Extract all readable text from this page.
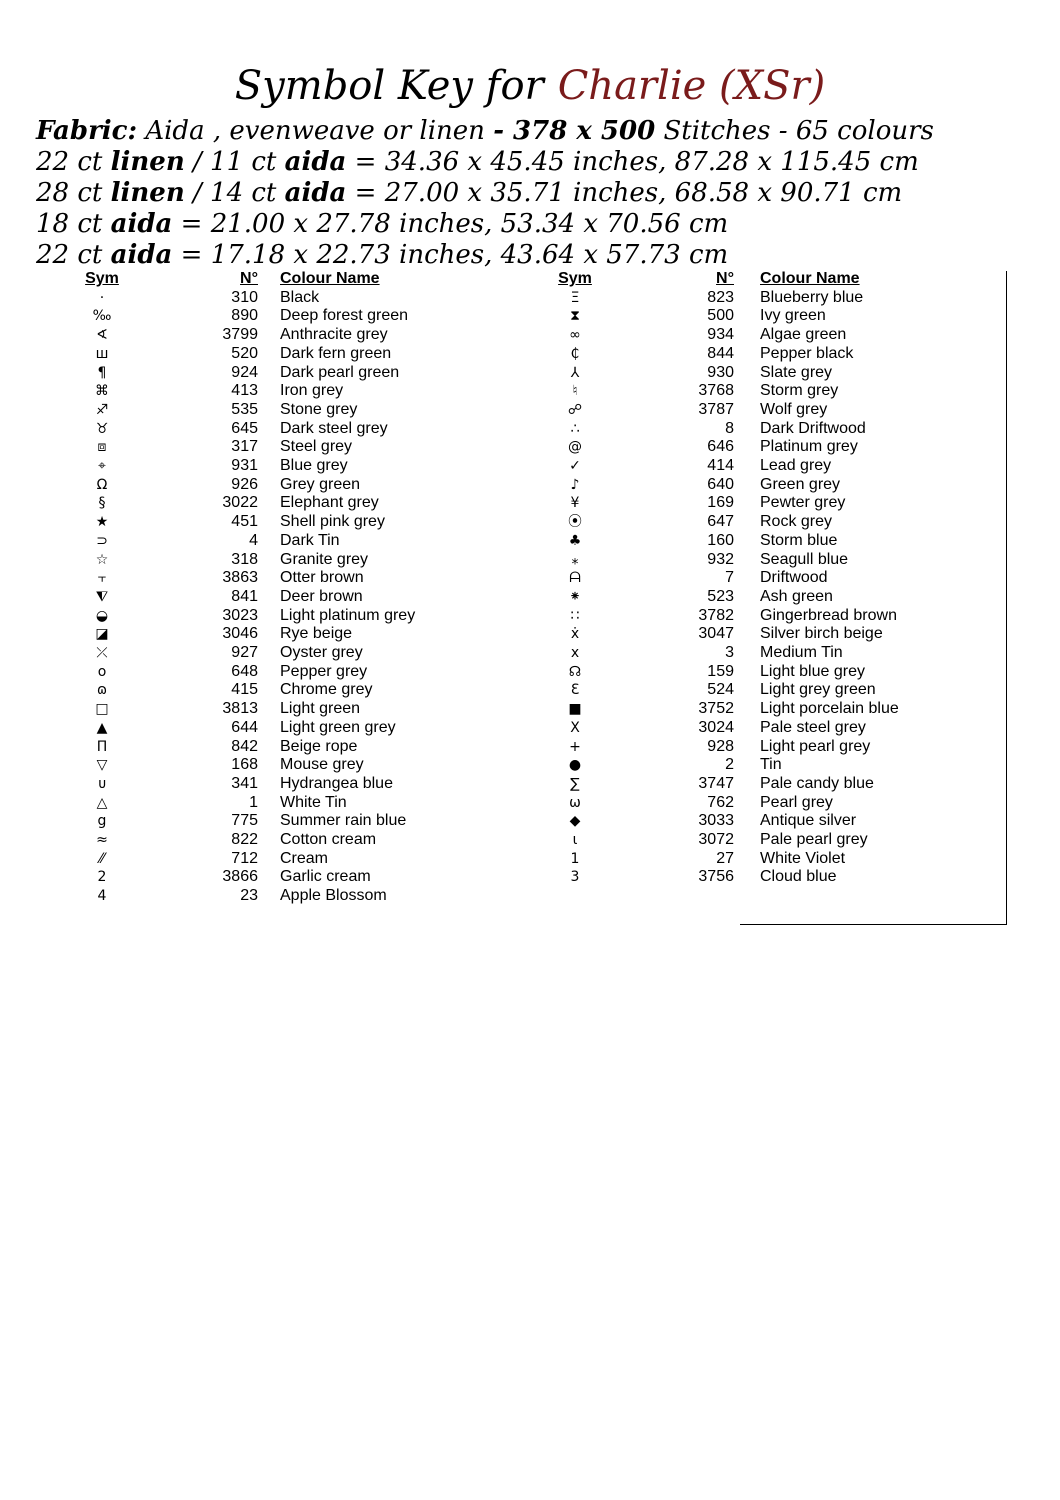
Symbol Key for Charlie (XSr)
Fabric: Aida , evenweave or linen - 378 x 500 Stitches - 65 colours
22 ct linen / 11 ct aida = 34.36 x 45.45 inches, 87.28 x 115.45 cm
28 ct linen / 14 ct aida = 27.00 x 35.71 inches, 68.58 x 90.71 cm
18 ct aida = 21.00 x 27.78 inches, 53.34 x 70.56 cm
22 ct aida = 17.18 x 22.73 inches, 43.64 x 57.73 cm
Sym	N° Colour Name
·	310 Black
‰	890 Deep forest green
∢	3799 Anthracite grey
ш	520 Dark fern green
¶	924 Dark pearl green
⌘	413 Iron grey
♐	535 Stone grey
♉	645 Dark steel grey
⧈	317 Steel grey
⌖	931 Blue grey
Ω	926 Grey green
§	3022 Elephant grey
★	451 Shell pink grey
⊃	4 Dark Tin
☆	318 Granite grey
⫟	3863 Otter brown
⧨	841 Deer brown
◒	3023 Light platinum grey
◪	3046 Rye beige
⤫	927 Oyster grey
o	648 Pepper grey
ɷ	415 Chrome grey
□	3813 Light green
▲	644 Light green grey
Π	842 Beige rope
▽	168 Mouse grey
ᴜ	341 Hydrangea blue
△	1 White Tin
g	775 Summer rain blue
≈	822 Cotton cream
⁄⁄	712 Cream
2	3866 Garlic cream
4	23 Apple Blossom
Sym	N° Colour Name
Ξ	823 Blueberry blue
⧗	500 Ivy green
∞	934 Algae green
₵	844 Pepper black
⅄	930 Slate grey
♮	3768 Storm grey
☍	3787 Wolf grey
∴	8 Dark Driftwood
@	646 Platinum grey
✓	414 Lead grey
♪	640 Green grey
¥	169 Pewter grey
⦿	647 Rock grey
♣	160 Storm blue
⁎	932 Seagull blue
ᗩ	7 Driftwood
⁕	523 Ash green
∷	3782 Gingerbread brown
ẋ	3047 Silver birch beige
x	3 Medium Tin
☊	159 Light blue grey
Ɛ	524 Light grey green
■	3752 Light porcelain blue
X	3024 Pale steel grey
+	928 Light pearl grey
●	2 Tin
∑	3747 Pale candy blue
ω	762 Pearl grey
◆	3033 Antique silver
ɩ	3072 Pale pearl grey
1	27 White Violet
3	3756 Cloud blue
